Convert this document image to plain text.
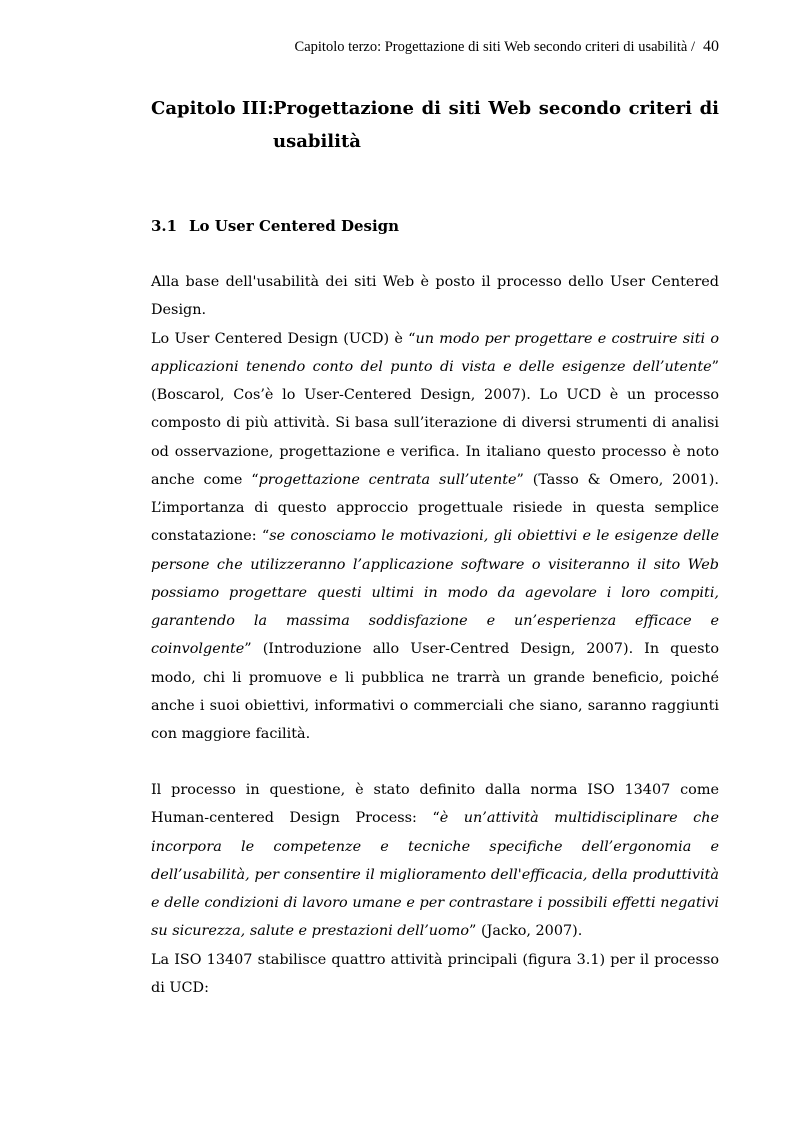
Capitolo terzo: Progettazione di siti Web secondo criteri di usabilità / 40
Capitolo III: Progettazione di siti Web secondo criteri di usabilità
3.1 Lo User Centered Design

Alla base dell'usabilità dei siti Web è posto il processo dello User Centered Design.

Lo User Centered Design (UCD) è “un modo per progettare e costruire siti o applicazioni tenendo conto del punto di vista e delle esigenze dell’utente” (Boscarol, Cos’è lo User-Centered Design, 2007). Lo UCD è un processo composto di più attività. Si basa sull’iterazione di diversi strumenti di analisi od osservazione, progettazione e verifica. In italiano questo processo è noto anche come “progettazione centrata sull’utente” (Tasso & Omero, 2001). L’importanza di questo approccio progettuale risiede in questa semplice constatazione: “se conosciamo le motivazioni, gli obiettivi e le esigenze delle persone che utilizzeranno l’applicazione software o visiteranno il sito Web possiamo progettare questi ultimi in modo da agevolare i loro compiti, garantendo la massima soddisfazione e un’esperienza efficace e coinvolgente” (Introduzione allo User-Centred Design, 2007). In questo modo, chi li promuove e li pubblica ne trarrà un grande beneficio, poiché anche i suoi obiettivi, informativi o commerciali che siano, saranno raggiunti con maggiore facilità.

Il processo in questione, è stato definito dalla norma ISO 13407 come Human-centered Design Process: “è un’attività multidisciplinare che incorpora le competenze e tecniche specifiche dell’ergonomia e dell’usabilità, per consentire il miglioramento dell'efficacia, della produttività e delle condizioni di lavoro umane e per contrastare i possibili effetti negativi su sicurezza, salute e prestazioni dell’uomo” (Jacko, 2007).

La ISO 13407 stabilisce quattro attività principali (figura 3.1) per il processo di UCD:
